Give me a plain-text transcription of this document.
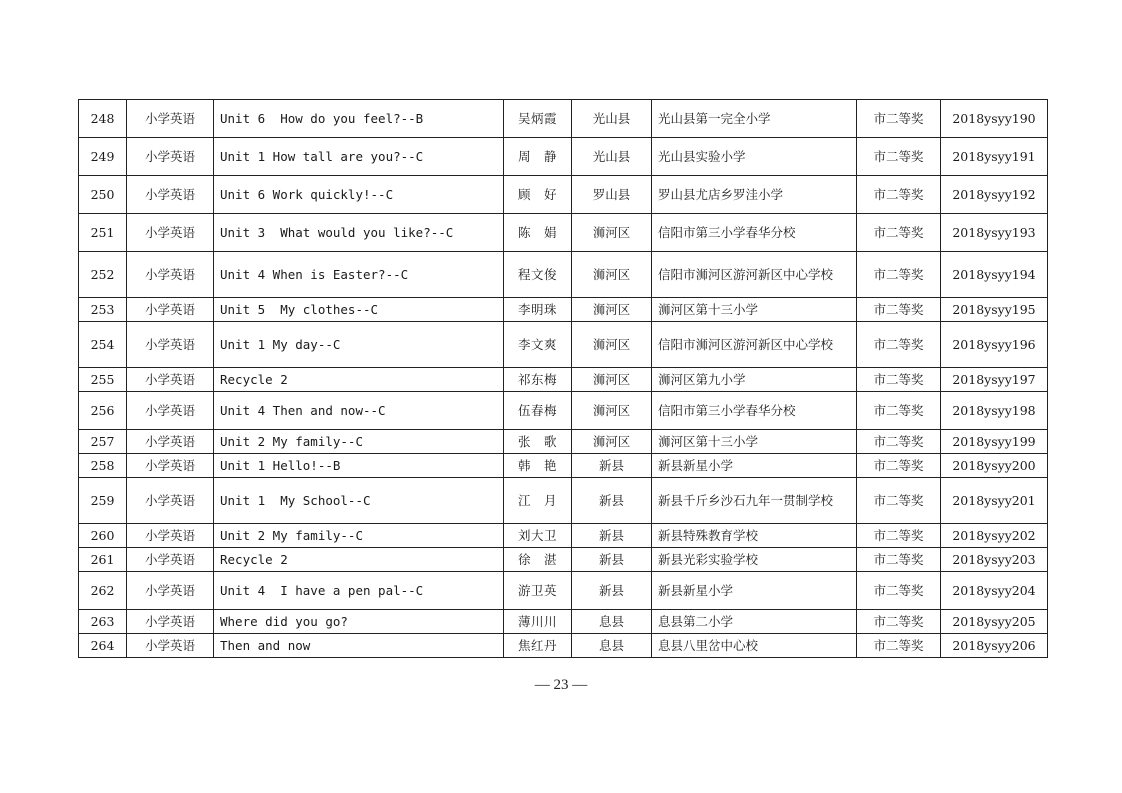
248	小学英语	Unit 6  How do you feel?--B	吴炳霞	光山县	光山县第一完全小学	市二等奖	2018ysyy190
249	小学英语	Unit 1 How tall are you?--C	周　静	光山县	光山县实验小学	市二等奖	2018ysyy191
250	小学英语	Unit 6 Work quickly!--C	顾　好	罗山县	罗山县尤店乡罗洼小学	市二等奖	2018ysyy192
251	小学英语	Unit 3  What would you like?--C	陈　娟	浉河区	信阳市第三小学春华分校	市二等奖	2018ysyy193
252	小学英语	Unit 4 When is Easter?--C	程文俊	浉河区	信阳市浉河区游河新区中心学校	市二等奖	2018ysyy194
253	小学英语	Unit 5  My clothes--C	李明珠	浉河区	浉河区第十三小学	市二等奖	2018ysyy195
254	小学英语	Unit 1 My day--C	李文爽	浉河区	信阳市浉河区游河新区中心学校	市二等奖	2018ysyy196
255	小学英语	Recycle 2	祁东梅	浉河区	浉河区第九小学	市二等奖	2018ysyy197
256	小学英语	Unit 4 Then and now--C	伍春梅	浉河区	信阳市第三小学春华分校	市二等奖	2018ysyy198
257	小学英语	Unit 2 My family--C	张　歌	浉河区	浉河区第十三小学	市二等奖	2018ysyy199
258	小学英语	Unit 1 Hello!--B	韩　艳	新县	新县新星小学	市二等奖	2018ysyy200
259	小学英语	Unit 1  My School--C	江　月	新县	新县千斤乡沙石九年一贯制学校	市二等奖	2018ysyy201
260	小学英语	Unit 2 My family--C	刘大卫	新县	新县特殊教育学校	市二等奖	2018ysyy202
261	小学英语	Recycle 2	徐　湛	新县	新县光彩实验学校	市二等奖	2018ysyy203
262	小学英语	Unit 4  I have a pen pal--C	游卫英	新县	新县新星小学	市二等奖	2018ysyy204
263	小学英语	Where did you go?	薄川川	息县	息县第二小学	市二等奖	2018ysyy205
264	小学英语	Then and now	焦红丹	息县	息县八里岔中心校	市二等奖	2018ysyy206
— 23 —
